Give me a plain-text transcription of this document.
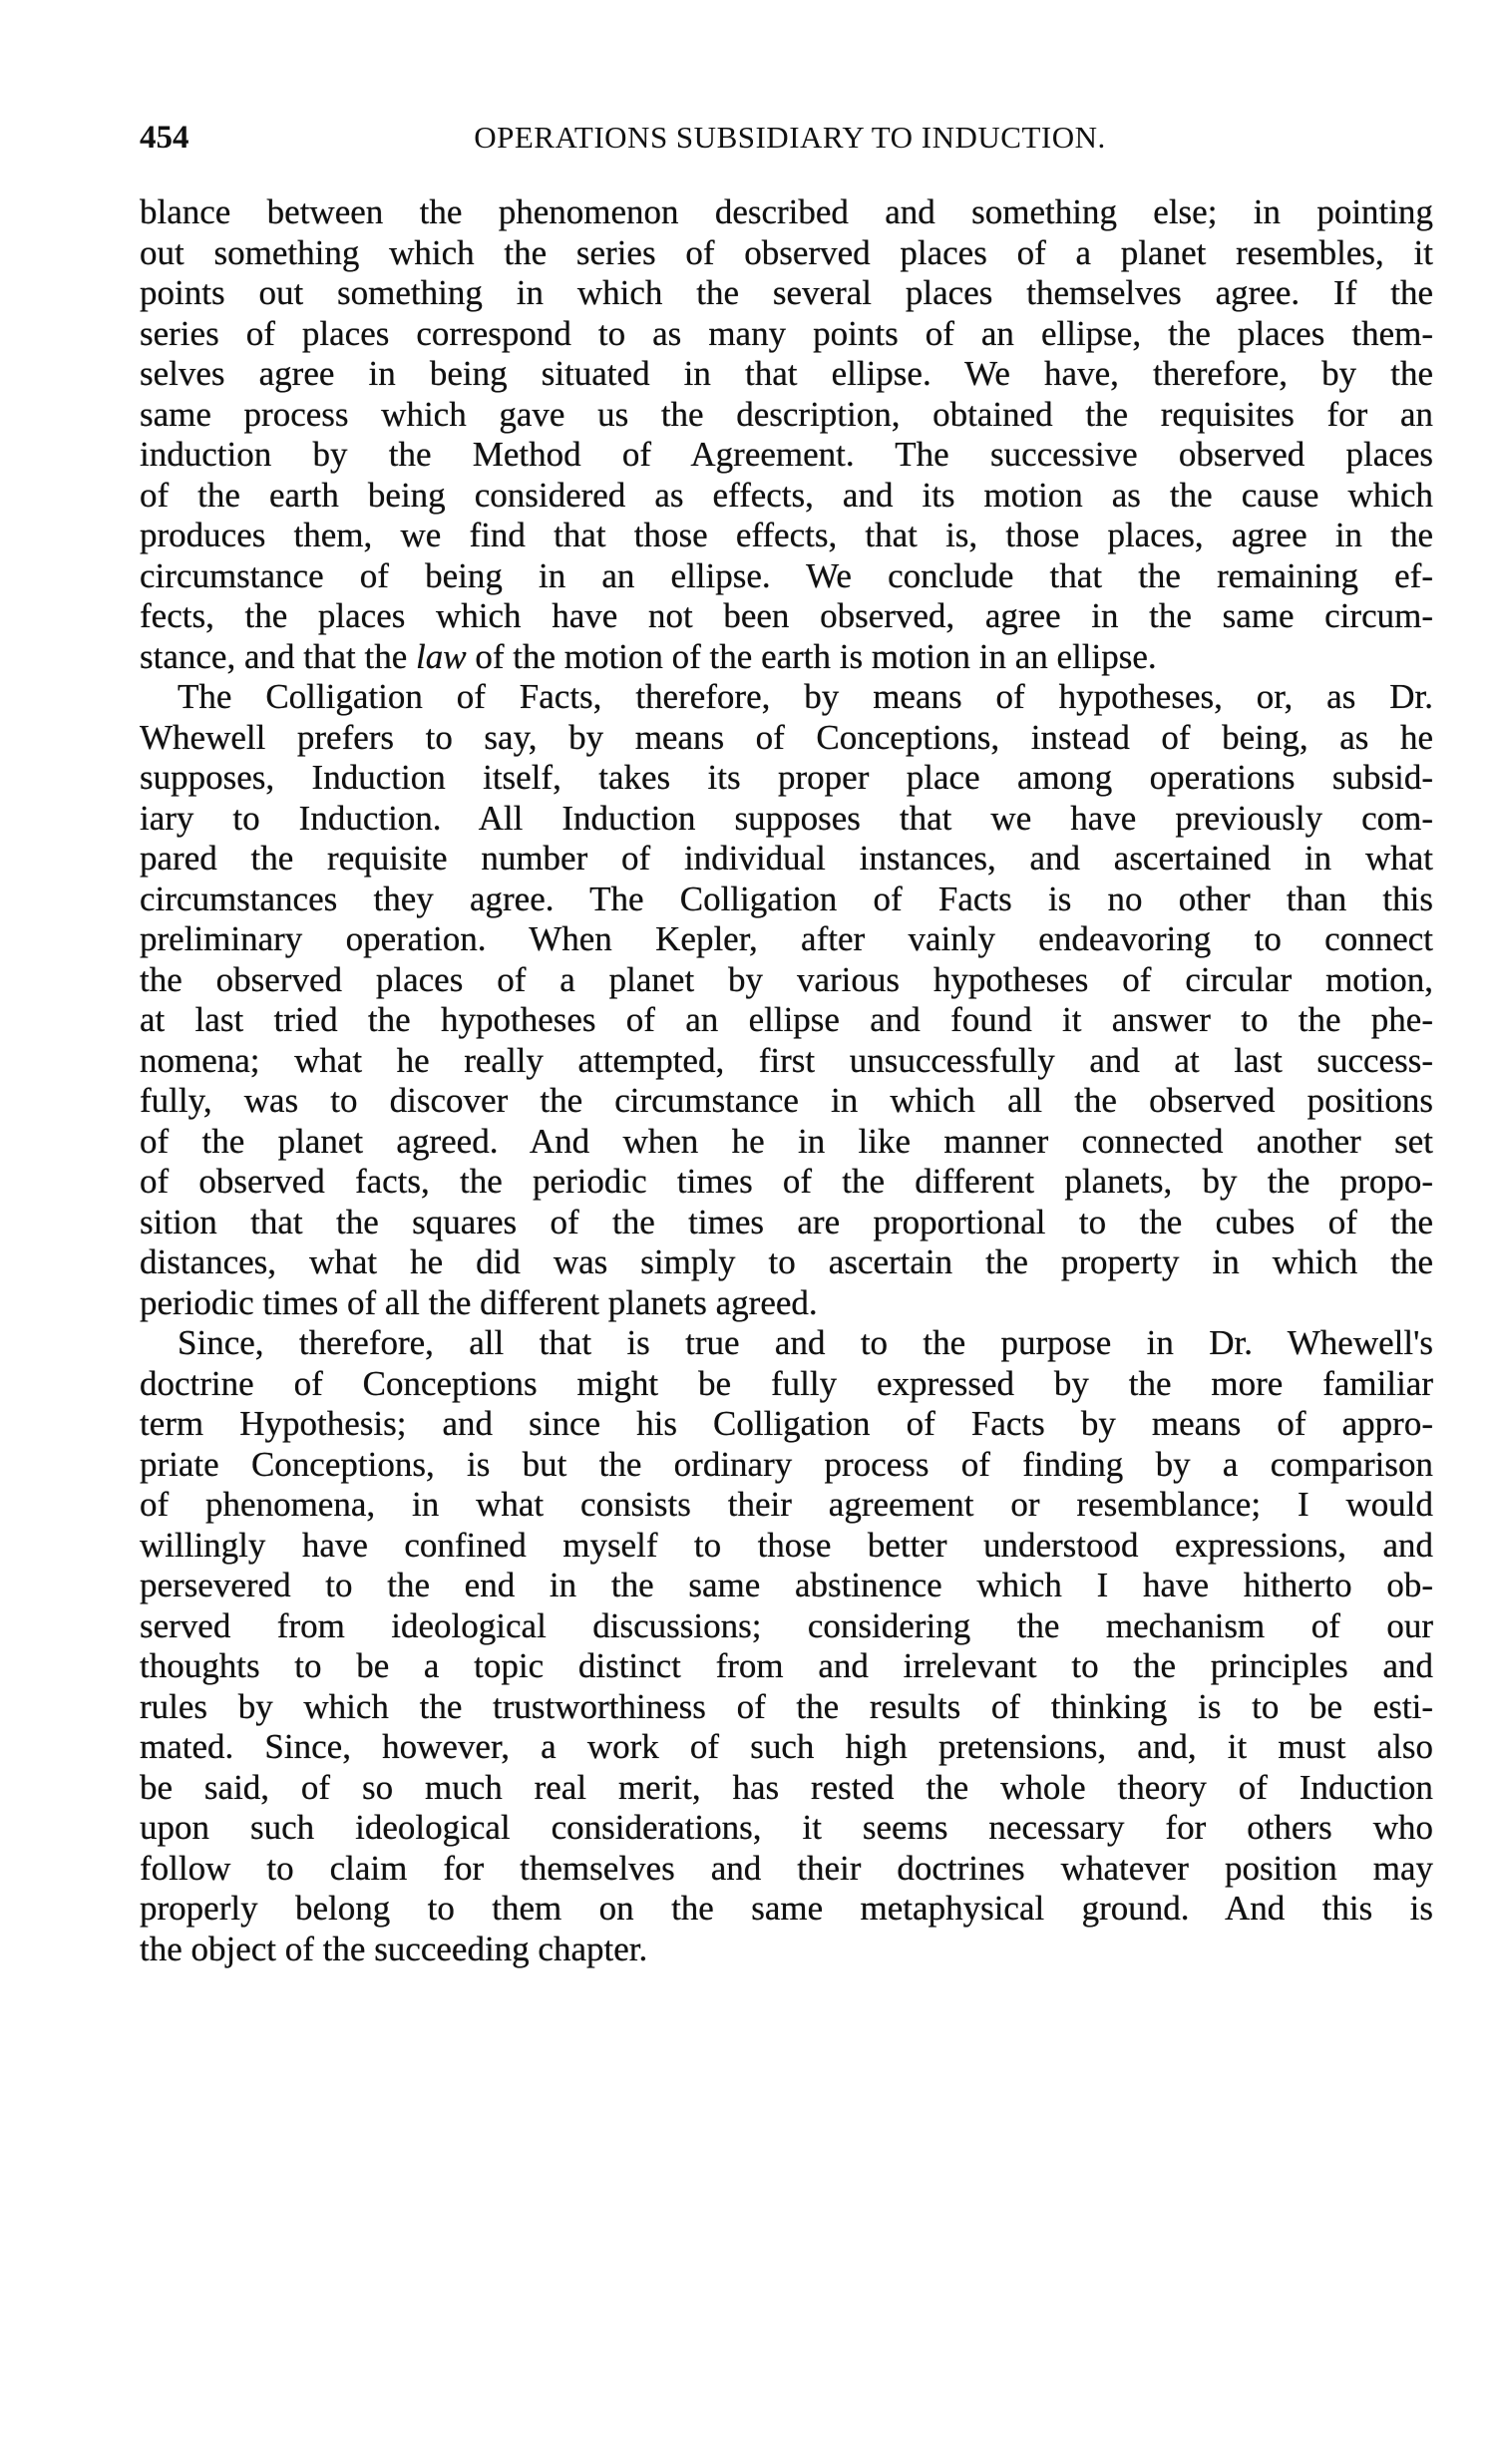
454	OPERATIONS SUBSIDIARY TO INDUCTION.
blance between the phenomenon described and something else; in pointing
out something which the series of observed places of a planet resembles, it
points out something in which the several places themselves agree. If the
series of places correspond to as many points of an ellipse, the places them-
selves agree in being situated in that ellipse. We have, therefore, by the
same process which gave us the description, obtained the requisites for an
induction by the Method of Agreement. The successive observed places
of the earth being considered as effects, and its motion as the cause which
produces them, we find that those effects, that is, those places, agree in the
circumstance of being in an ellipse. We conclude that the remaining ef-
fects, the places which have not been observed, agree in the same circum-
stance, and that the law of the motion of the earth is motion in an ellipse.
The Colligation of Facts, therefore, by means of hypotheses, or, as Dr.
Whewell prefers to say, by means of Conceptions, instead of being, as he
supposes, Induction itself, takes its proper place among operations subsid-
iary to Induction. All Induction supposes that we have previously com-
pared the requisite number of individual instances, and ascertained in what
circumstances they agree. The Colligation of Facts is no other than this
preliminary operation. When Kepler, after vainly endeavoring to connect
the observed places of a planet by various hypotheses of circular motion,
at last tried the hypotheses of an ellipse and found it answer to the phe-
nomena; what he really attempted, first unsuccessfully and at last success-
fully, was to discover the circumstance in which all the observed positions
of the planet agreed. And when he in like manner connected another set
of observed facts, the periodic times of the different planets, by the propo-
sition that the squares of the times are proportional to the cubes of the
distances, what he did was simply to ascertain the property in which the
periodic times of all the different planets agreed.
Since, therefore, all that is true and to the purpose in Dr. Whewell's
doctrine of Conceptions might be fully expressed by the more familiar
term Hypothesis; and since his Colligation of Facts by means of appro-
priate Conceptions, is but the ordinary process of finding by a comparison
of phenomena, in what consists their agreement or resemblance; I would
willingly have confined myself to those better understood expressions, and
persevered to the end in the same abstinence which I have hitherto ob-
served from ideological discussions; considering the mechanism of our
thoughts to be a topic distinct from and irrelevant to the principles and
rules by which the trustworthiness of the results of thinking is to be esti-
mated. Since, however, a work of such high pretensions, and, it must also
be said, of so much real merit, has rested the whole theory of Induction
upon such ideological considerations, it seems necessary for others who
follow to claim for themselves and their doctrines whatever position may
properly belong to them on the same metaphysical ground. And this is
the object of the succeeding chapter.
